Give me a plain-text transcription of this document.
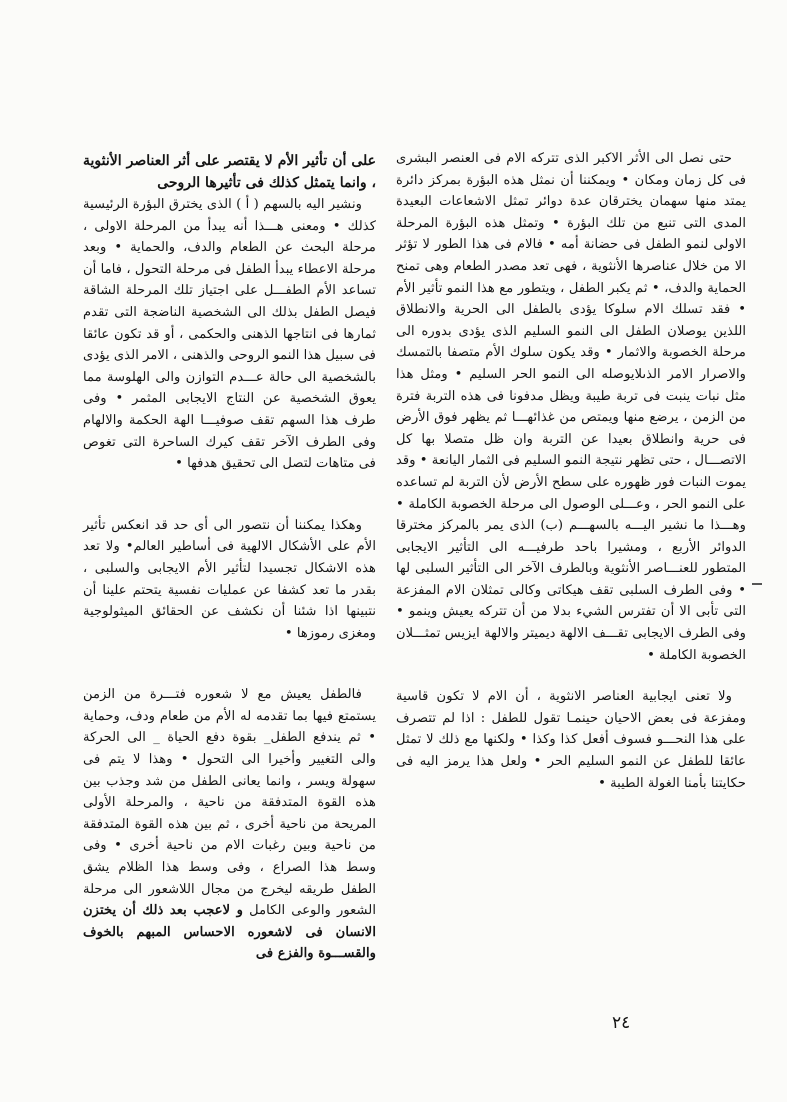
حتى نصل الى الأثر الاكبر الذى تتركه الام فى العنصر البشرى فى كل زمان ومكان • ويمكننا أن نمثل هذه البؤرة بمركز دائرة يمتد منها سهمان يخترقان عدة دوائر تمثل الاشعاعات البعيدة المدى التى تنبع من تلك البؤرة • وتمثل هذه البؤرة المرحلة الاولى لنمو الطفل فى حضانة أمه • فالام فى هذا الطور لا تؤثر الا من خلال عناصرها الأنثوية ، فهى تعد مصدر الطعام وهى تمنح الحماية والدف، • ثم يكبر الطفل ، ويتطور مع هذا النمو تأثير الأم • فقد تسلك الام سلوكا يؤدى بالطفل الى الحرية والانطلاق اللذين يوصلان الطفل الى النمو السليم الذى يؤدى بدوره الى مرحلة الخصوبة والاثمار • وقد يكون سلوك الأم متصفا بالتمسك والاصرار الامر الذىلايوصله الى النمو الحر السليم • ومثل هذا مثل نبات ينبت فى تربة طيبة ويظل مدفونا فى هذه التربة فترة من الزمن ، يرضع منها ويمتص من غذائهـــا ثم يظهر فوق الأرض فى حرية وانطلاق بعيدا عن التربة وان ظل متصلا بها كل الاتصـــال ، حتى تظهر نتيجة النمو السليم فى الثمار اليانعة • وقد يموت النبات فور ظهوره على سطح الأرض لأن التربة لم تساعده على النمو الحر ، وعـــلى الوصول الى مرحلة الخصوبة الكاملة • وهـــذا ما نشير اليـــه بالسهـــم (ب) الذى يمر بالمركز مخترقا الدوائر الأربع ، ومشيرا باحد طرفيـــه الى التأثير الايجابى المتطور للعنـــاصر الأنثوية وبالطرف الآخر الى التأثير السلبى لها • وفى الطرف السلبى تقف هيكاتى وكالى تمثلان الام المفزعة التى تأبى الا أن تفترس الشيء بدلا من أن تتركه يعيش وينمو • وفى الطرف الايجابى تقـــف الالهة ديميتر والالهة ايزيس تمثـــلان الخصوبة الكاملة •

ولا تعنى ايجابية العناصر الانثوية ، أن الام لا تكون قاسية ومفزعة فى بعض الاحيان حينمـا تقول للطفل : اذا لم تتصرف على هذا النحـــو فسوف أفعل كذا وكذا • ولكنها مع ذلك لا تمثل عائقا للطفل عن النمو السليم الحر • ولعل هذا يرمز اليه فى حكايتنا بأمنا الغولة الطيبة •

على أن تأثير الأم لا يقتصر على أثر العناصر الأنثوية ، وانما يتمثل كذلك فى تأثيرها الروحى

ونشير اليه بالسهم ( أ ) الذى يخترق البؤرة الرئيسية كذلك • ومعنى هـــذا أنه يبدأ من المرحلة الاولى ، مرحلة البحث عن الطعام والدف، والحماية • وبعد مرحلة الاعطاء يبدأ الطفل فى مرحلة التحول ، فاما أن تساعد الأم الطفـــل على اجتياز تلك المرحلة الشاقة فيصل الطفل بذلك الى الشخصية الناضجة التى تقدم ثمارها فى انتاجها الذهنى والحكمى ، أو قد تكون عائقا فى سبيل هذا النمو الروحى والذهنى ، الامر الذى يؤدى بالشخصية الى حالة عـــدم التوازن والى الهلوسة مما يعوق الشخصية عن النتاج الايجابى المثمر • وفى طرف هذا السهم تقف صوفيـــا الهة الحكمة والالهام وفى الطرف الآخر تقف كيرك الساحرة التى تغوص فى متاهات لتصل الى تحقيق هدفها •

وهكذا يمكننا أن نتصور الى أى حد قد انعكس تأثير الأم على الأشكال الالهية فى أساطير العالم• ولا تعد هذه الاشكال تجسيدا لتأثير الأم الايجابى والسلبى ، بقدر ما تعد كشفا عن عمليات نفسية يتحتم علينا أن نتبينها اذا شئنا أن نكشف عن الحقائق الميثولوجية ومغزى رموزها •

فالطفل يعيش مع لا شعوره فتـــرة من الزمن يستمتع فيها بما تقدمه له الأم من طعام ودف، وحماية • ثم يندفع الطفل_ بقوة دفع الحياة _ الى الحركة والى التغيير وأخيرا الى التحول • وهذا لا يتم فى سهولة ويسر ، وانما يعانى الطفل من شد وجذب بين هذه القوة المتدفقة من ناحية ، والمرحلة الأولى المريحة من ناحية أخرى ، ثم بين هذه القوة المتدفقة من ناحية وبين رغبات الام من ناحية أخرى • وفى وسط هذا الصراع ، وفى وسط هذا الظلام يشق الطفل طريقه ليخرج من مجال اللاشعور الى مرحلة الشعور والوعى الكامل و لاعجب بعد ذلك أن يختزن الانسان فى لاشعوره الاحساس المبهم بالخوف والقســـوة والفزع فى

٢٤
